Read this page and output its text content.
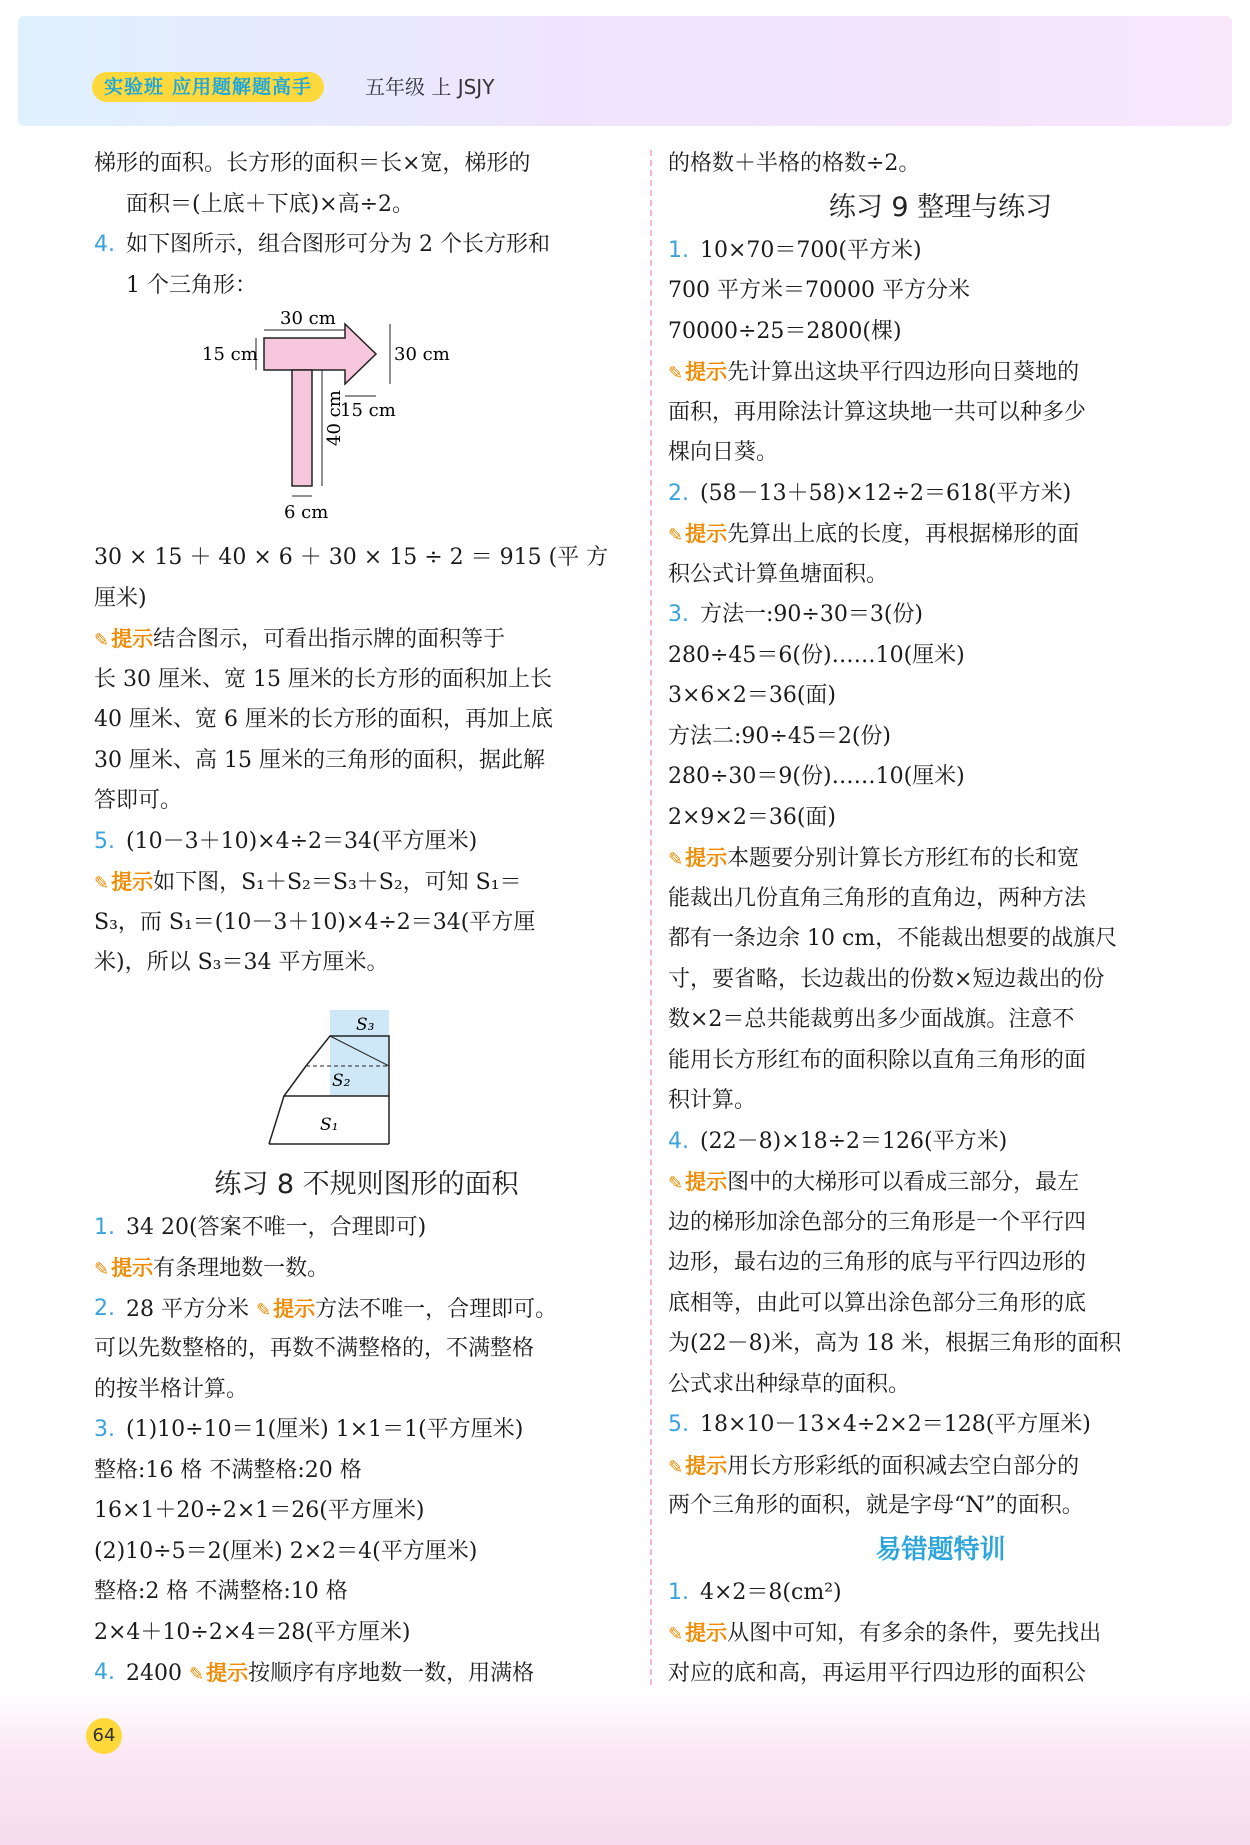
实验班 应用题解题高手	五年级 上 JSJY
梯形的面积。长方形的面积＝长×宽，梯形的
面积＝(上底＋下底)×高÷2。
4. 如下图所示，组合图形可分为 2 个长方形和
1 个三角形：
30 cm
15 cm	30 cm
15 cm
40 cm
6 cm
30 × 15 ＋ 40 × 6 ＋ 30 × 15 ÷ 2 ＝ 915 (平 方
厘米)
✎提示结合图示，可看出指示牌的面积等于
长 30 厘米、宽 15 厘米的长方形的面积加上长
40 厘米、宽 6 厘米的长方形的面积，再加上底
30 厘米、高 15 厘米的三角形的面积，据此解
答即可。
5. (10－3＋10)×4÷2＝34(平方厘米)
✎提示如下图，S₁＋S₂＝S₃＋S₂，可知 S₁＝
S₃，而 S₁＝(10－3＋10)×4÷2＝34(平方厘
米)，所以 S₃＝34 平方厘米。
S₃
S₂
S₁
练习 8 不规则图形的面积
1. 34 20(答案不唯一，合理即可)
✎提示有条理地数一数。
2. 28 平方分米 ✎提示方法不唯一，合理即可。
可以先数整格的，再数不满整格的，不满整格
的按半格计算。
3. (1)10÷10＝1(厘米) 1×1＝1(平方厘米)
整格:16 格 不满整格:20 格
16×1＋20÷2×1＝26(平方厘米)
(2)10÷5＝2(厘米) 2×2＝4(平方厘米)
整格:2 格 不满整格:10 格
2×4＋10÷2×4＝28(平方厘米)
4. 2400 ✎提示按顺序有序地数一数，用满格
的格数＋半格的格数÷2。
练习 9 整理与练习
1. 10×70＝700(平方米)
700 平方米＝70000 平方分米
70000÷25＝2800(棵)
✎提示先计算出这块平行四边形向日葵地的
面积，再用除法计算这块地一共可以种多少
棵向日葵。
2. (58－13＋58)×12÷2＝618(平方米)
✎提示先算出上底的长度，再根据梯形的面
积公式计算鱼塘面积。
3. 方法一:90÷30＝3(份)
280÷45＝6(份)……10(厘米)
3×6×2＝36(面)
方法二:90÷45＝2(份)
280÷30＝9(份)……10(厘米)
2×9×2＝36(面)
✎提示本题要分别计算长方形红布的长和宽
能裁出几份直角三角形的直角边，两种方法
都有一条边余 10 cm，不能裁出想要的战旗尺
寸，要省略，长边裁出的份数×短边裁出的份
数×2＝总共能裁剪出多少面战旗。注意不
能用长方形红布的面积除以直角三角形的面
积计算。
4. (22－8)×18÷2＝126(平方米)
✎提示图中的大梯形可以看成三部分，最左
边的梯形加涂色部分的三角形是一个平行四
边形，最右边的三角形的底与平行四边形的
底相等，由此可以算出涂色部分三角形的底
为(22－8)米，高为 18 米，根据三角形的面积
公式求出种绿草的面积。
5. 18×10－13×4÷2×2＝128(平方厘米)
✎提示用长方形彩纸的面积减去空白部分的
两个三角形的面积，就是字母“N”的面积。
易错题特训
1. 4×2＝8(cm²)
✎提示从图中可知，有多余的条件，要先找出
对应的底和高，再运用平行四边形的面积公
64
